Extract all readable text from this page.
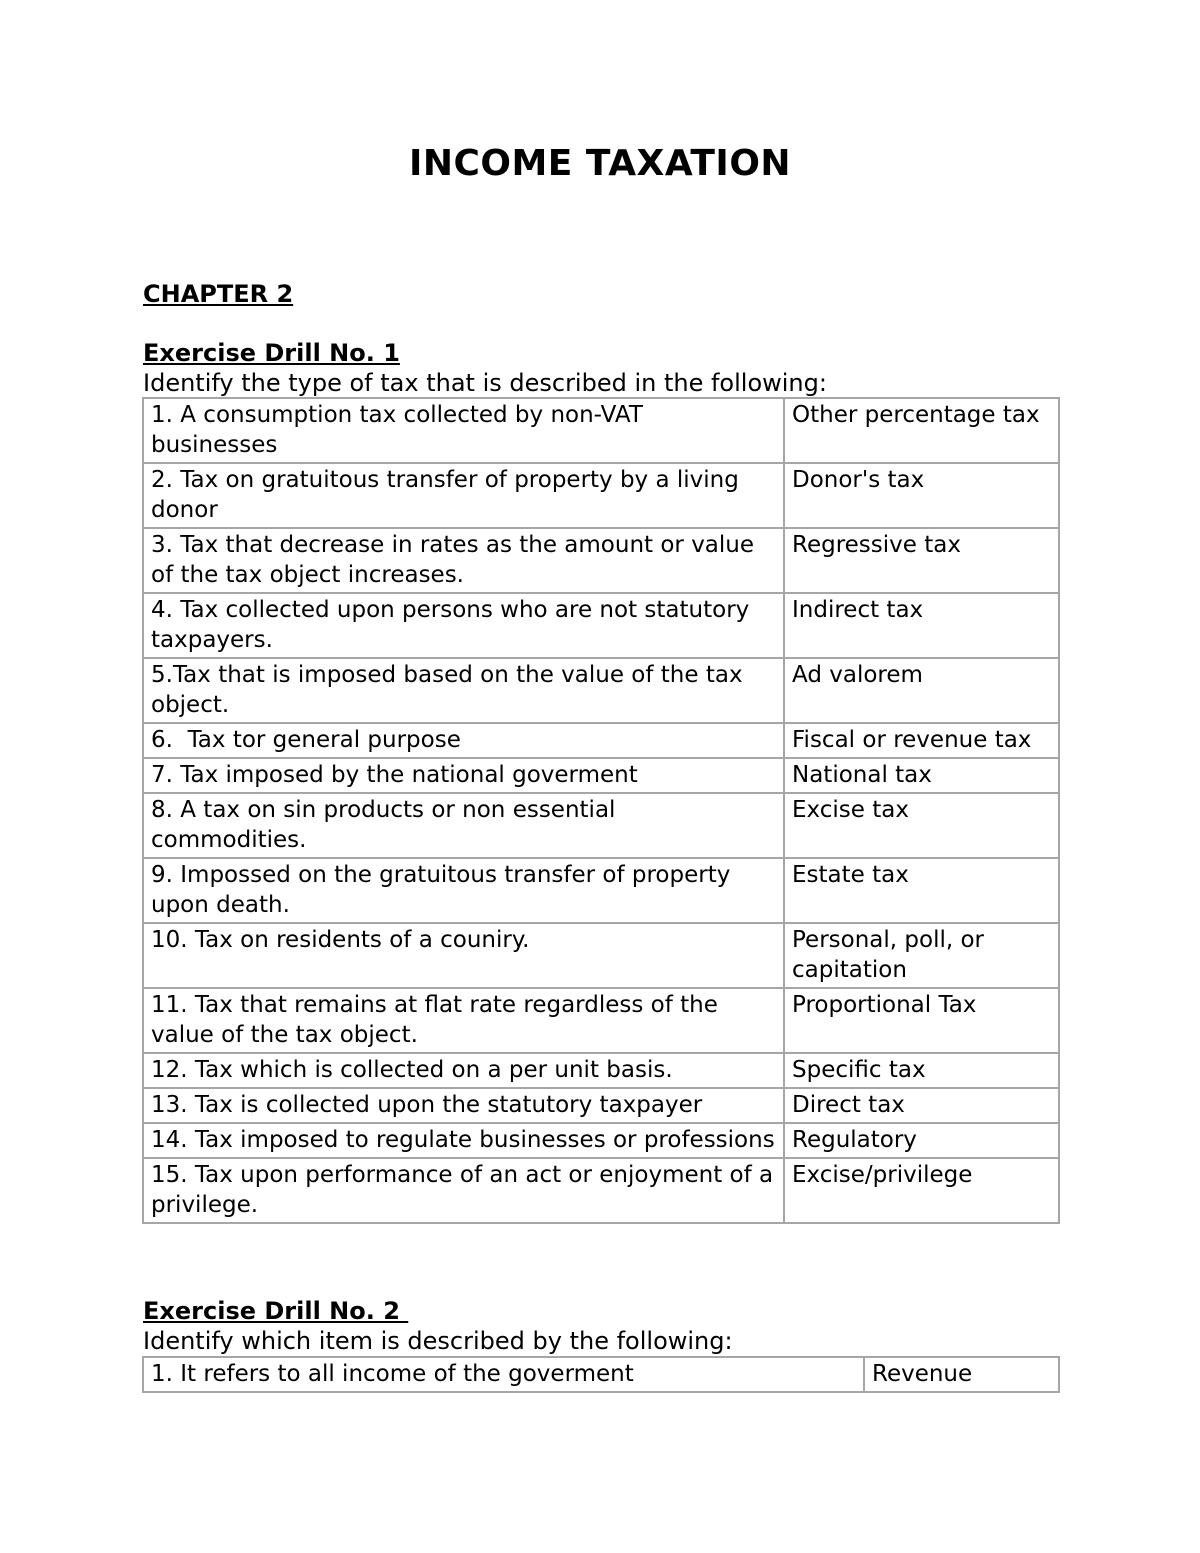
INCOME TAXATION
CHAPTER 2
Exercise Drill No. 1
Identify the type of tax that is described in the following:
1. A consumption tax collected by non-VAT businesses	Other percentage tax
2. Tax on gratuitous transfer of property by a living donor	Donor's tax
3. Tax that decrease in rates as the amount or value of the tax object increases.	Regressive tax
4. Tax collected upon persons who are not statutory taxpayers.	Indirect tax
5.Tax that is imposed based on the value of the tax object.	Ad valorem
6.  Tax tor general purpose	Fiscal or revenue tax
7. Tax imposed by the national goverment	National tax
8. A tax on sin products or non essential commodities.	Excise tax
9. Impossed on the gratuitous transfer of property upon death.	Estate tax
10. Tax on residents of a couniry.	Personal, poll, or capitation
11. Tax that remains at flat rate regardless of the value of the tax object.	Proportional Tax
12. Tax which is collected on a per unit basis.	Specific tax
13. Tax is collected upon the statutory taxpayer	Direct tax
14. Tax imposed to regulate businesses or professions	Regulatory
15. Tax upon performance of an act or enjoyment of a privilege.	Excise/privilege
Exercise Drill No. 2
Identify which item is described by the following:
1. It refers to all income of the goverment	Revenue
